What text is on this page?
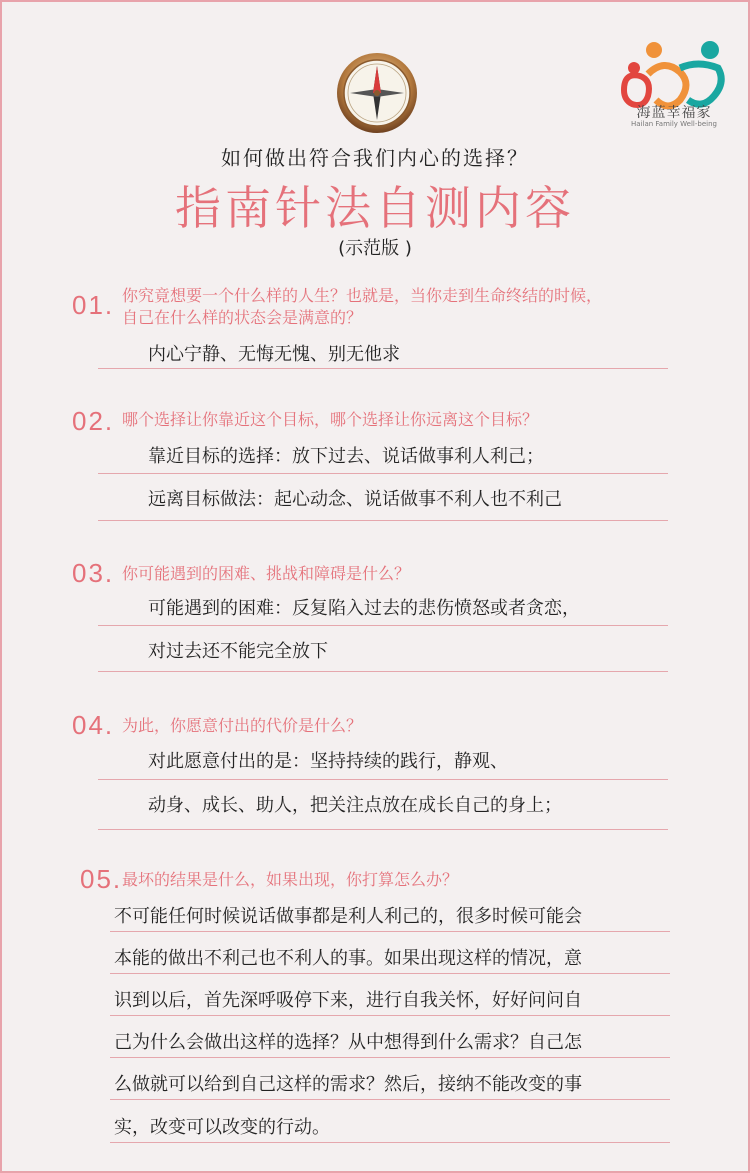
海蓝幸福家
Hailan Family Well-being
如何做出符合我们内心的选择？
指南针法自测内容
(示范版 )
01. 你究竟想要一个什么样的人生？也就是，当你走到生命终结的时候，
自己在什么样的状态会是满意的？
内心宁静、无悔无愧、别无他求
02. 哪个选择让你靠近这个目标，哪个选择让你远离这个目标？
靠近目标的选择：放下过去、说话做事利人利己；
远离目标做法：起心动念、说话做事不利人也不利己
03. 你可能遇到的困难、挑战和障碍是什么？
可能遇到的困难：反复陷入过去的悲伤愤怒或者贪恋，
对过去还不能完全放下
04. 为此，你愿意付出的代价是什么？
对此愿意付出的是：坚持持续的践行，静观、
动身、成长、助人，把关注点放在成长自己的身上；
05. 最坏的结果是什么，如果出现，你打算怎么办？
不可能任何时候说话做事都是利人利己的，很多时候可能会
本能的做出不利己也不利人的事。如果出现这样的情况，意
识到以后，首先深呼吸停下来，进行自我关怀，好好问问自
己为什么会做出这样的选择？从中想得到什么需求？自己怎
么做就可以给到自己这样的需求？然后，接纳不能改变的事
实，改变可以改变的行动。
